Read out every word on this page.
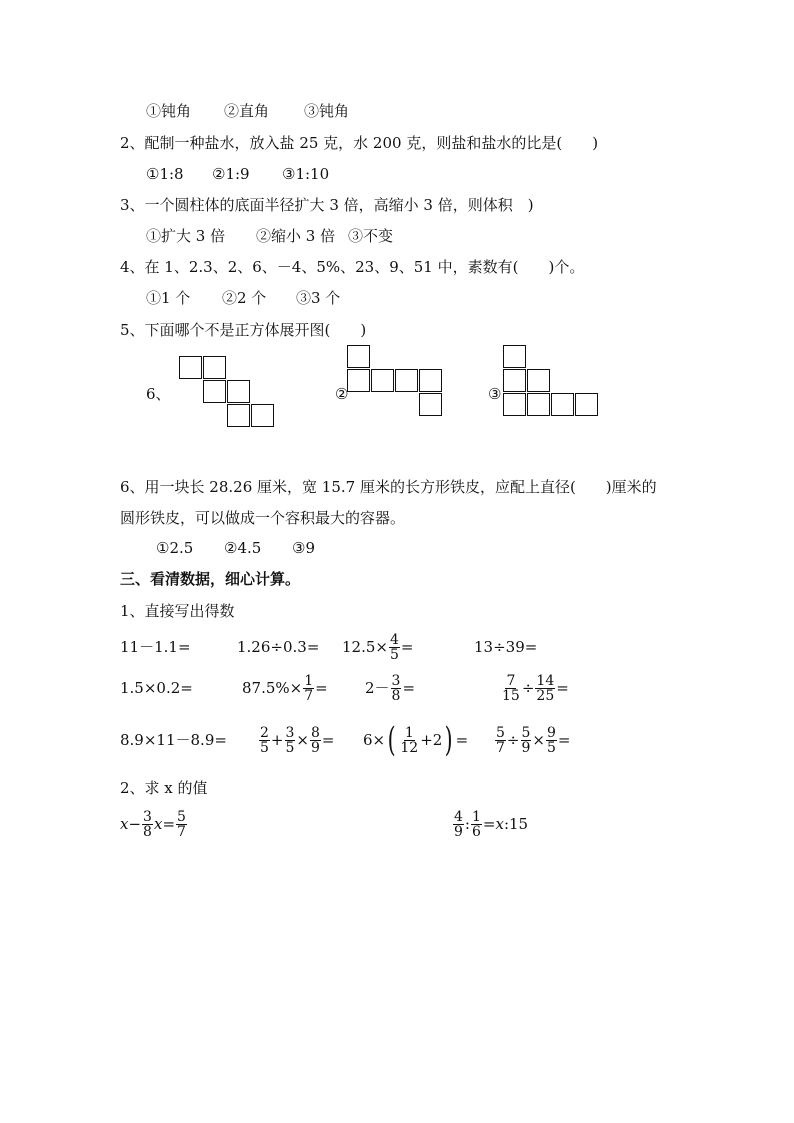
①钝角 ②直角 ③钝角
2、配制一种盐水，放入盐 25 克，水 200 克，则盐和盐水的比是(　　)
①1:8 ②1:9 ③1:10
3、一个圆柱体的底面半径扩大 3 倍，高缩小 3 倍，则体积　)
①扩大 3 倍 ②缩小 3 倍 ③不变
4、在 1、2.3、2、6、－4、5%、23、9、51 中，素数有(　　)个。
①1 个 ②2 个 ③3 个
5、下面哪个不是正方体展开图(　　)
6、	②	③
6、用一块长 28.26 厘米，宽 15.7 厘米的长方形铁皮，应配上直径(　　)厘米的
圆形铁皮，可以做成一个容积最大的容器。
①2.5 ②4.5 ③9
三、看清数据，细心计算。
1、直接写出得数
11－1.1=	$1.26\div 0.3= 12.5\times \frac{4}{5}$ =	13÷39=
1.5×0.2=	$87.5\%\times \frac{1}{7} = 2- \frac{3}{8}$ =	$\frac{7}{15} \div \frac{14}{25}$ =
$8.9\times 11-8.9= \frac{2}{5} + \frac{3}{5} \times \frac{8}{9} = 6\times$ ( $\frac{1}{12} +2$ ) = $\frac{5}{7} \div \frac{5}{9} \times \frac{9}{5}$ =
2、求 x 的值
$x - \frac{3}{8}$ $x = \frac{5}{7}$	$\frac{4}{9}$ : $\frac{1}{6} = x$ :15
